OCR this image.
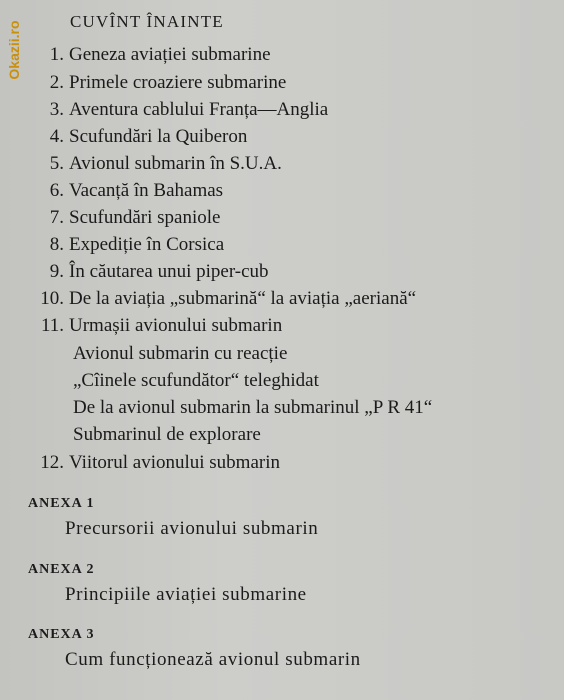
Okazii.ro	CUVÎNT ÎNAINTE
1. Geneza aviației submarine
2. Primele croaziere submarine
3. Aventura cablului Franța—Anglia
4. Scufundări la Quiberon
5. Avionul submarin în S.U.A.
6. Vacanță în Bahamas
7. Scufundări spaniole
8. Expediție în Corsica
9. În căutarea unui piper-cub
10. De la aviația „submarină“ la aviația „aeriană“
11. Urmașii avionului submarin
Avionul submarin cu reacție
„Cîinele scufundător“ teleghidat
De la avionul submarin la submarinul „P R 41“
Submarinul de explorare
12. Viitorul avionului submarin
ANEXA 1
Precursorii avionului submarin
ANEXA 2
Principiile aviației submarine
ANEXA 3
Cum funcționează avionul submarin
